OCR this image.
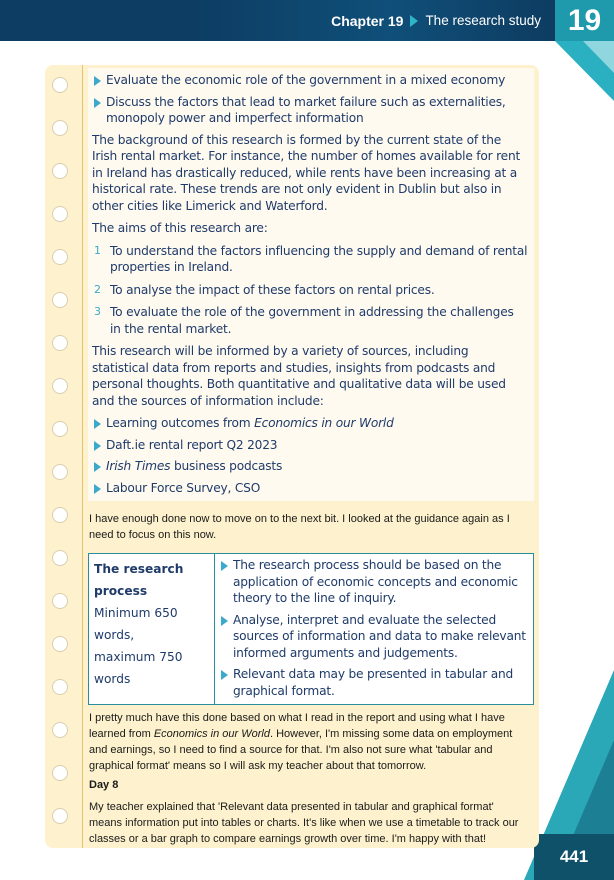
Chapter 19 The research study 19
441
Evaluate the economic role of the government in a mixed economy
Discuss the factors that lead to market failure such as externalities, monopoly power and imperfect information
The background of this research is formed by the current state of the Irish rental market. For instance, the number of homes available for rent in Ireland has drastically reduced, while rents have been increasing at a historical rate. These trends are not only evident in Dublin but also in other cities like Limerick and Waterford.
The aims of this research are:
1 To understand the factors influencing the supply and demand of rental properties in Ireland.
2 To analyse the impact of these factors on rental prices.
3 To evaluate the role of the government in addressing the challenges in the rental market.
This research will be informed by a variety of sources, including statistical data from reports and studies, insights from podcasts and personal thoughts. Both quantitative and qualitative data will be used and the sources of information include:
Learning outcomes from Economics in our World
Daft.ie rental report Q2 2023
Irish Times business podcasts
Labour Force Survey, CSO
I have enough done now to move on to the next bit. I looked at the guidance again as I need to focus on this now.
The research process
Minimum 650 words,
maximum 750 words
The research process should be based on the application of economic concepts and economic theory to the line of inquiry.
Analyse, interpret and evaluate the selected sources of information and data to make relevant informed arguments and judgements.
Relevant data may be presented in tabular and graphical format.
I pretty much have this done based on what I read in the report and using what I have learned from Economics in our World. However, I'm missing some data on employment and earnings, so I need to find a source for that. I'm also not sure what 'tabular and graphical format' means so I will ask my teacher about that tomorrow.
Day 8
My teacher explained that 'Relevant data presented in tabular and graphical format' means information put into tables or charts. It's like when we use a timetable to track our classes or a bar graph to compare earnings growth over time. I'm happy with that!
